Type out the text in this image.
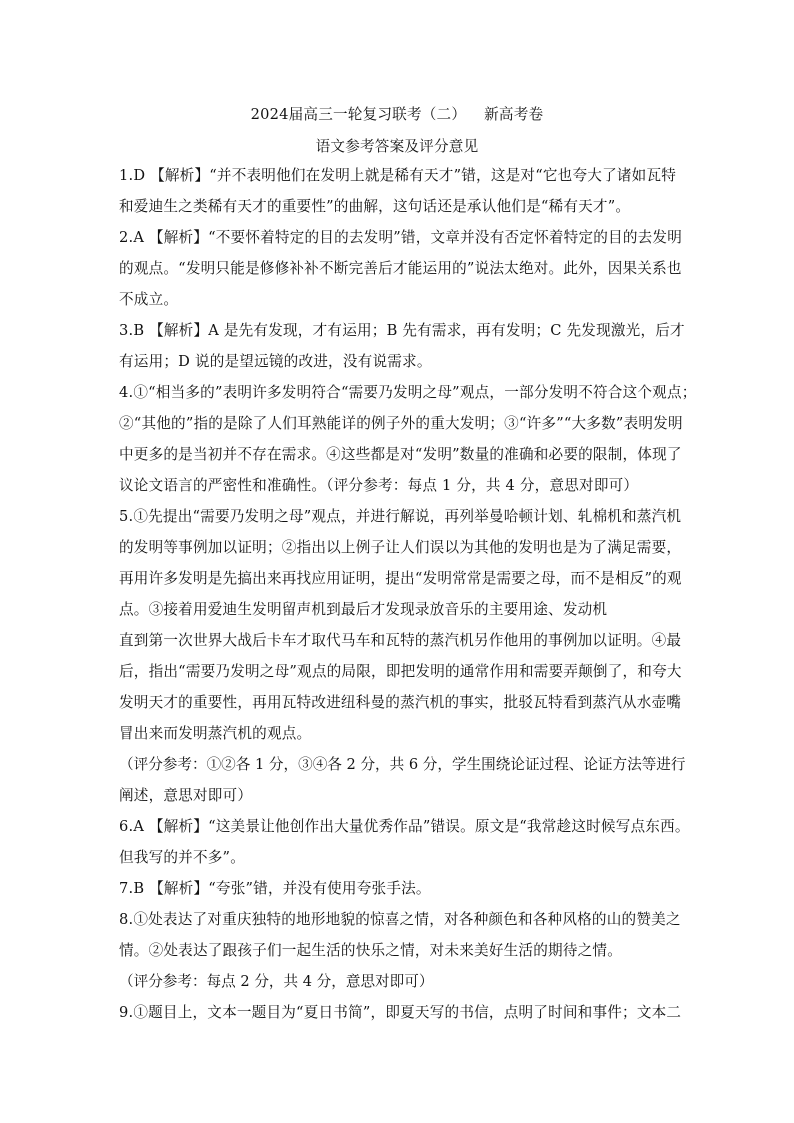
2024届高三一轮复习联考（二） 新高考卷
语文参考答案及评分意见
1.D 【解析】“并不表明他们在发明上就是稀有天才”错，这是对“它也夸大了诸如瓦特
和爱迪生之类稀有天才的重要性”的曲解，这句话还是承认他们是“稀有天才”。
2.A 【解析】“不要怀着特定的目的去发明”错，文章并没有否定怀着特定的目的去发明
的观点。“发明只能是修修补补不断完善后才能运用的”说法太绝对。此外，因果关系也
不成立。
3.B 【解析】A 是先有发现，才有运用；B 先有需求，再有发明；C 先发现激光，后才
有运用；D 说的是望远镜的改进，没有说需求。
4.①“相当多的”表明许多发明符合“需要乃发明之母”观点，一部分发明不符合这个观点；
②“其他的”指的是除了人们耳熟能详的例子外的重大发明；③“许多”“大多数”表明发明
中更多的是当初并不存在需求。④这些都是对“发明”数量的准确和必要的限制，体现了
议论文语言的严密性和准确性。（评分参考：每点 1 分，共 4 分，意思对即可）
5.①先提出“需要乃发明之母”观点，并进行解说，再列举曼哈顿计划、轧棉机和蒸汽机
的发明等事例加以证明；②指出以上例子让人们误以为其他的发明也是为了满足需要，
再用许多发明是先搞出来再找应用证明，提出“发明常常是需要之母，而不是相反”的观
点。③接着用爱迪生发明留声机到最后才发现录放音乐的主要用途、发动机
直到第一次世界大战后卡车才取代马车和瓦特的蒸汽机另作他用的事例加以证明。④最
后，指出“需要乃发明之母”观点的局限，即把发明的通常作用和需要弄颠倒了，和夸大
发明天才的重要性，再用瓦特改进纽科曼的蒸汽机的事实，批驳瓦特看到蒸汽从水壶嘴
冒出来而发明蒸汽机的观点。
（评分参考：①②各 1 分，③④各 2 分，共 6 分，学生围绕论证过程、论证方法等进行
阐述，意思对即可）
6.A 【解析】“这美景让他创作出大量优秀作品”错误。原文是“我常趁这时候写点东西。
但我写的并不多”。
7.B 【解析】“夸张”错，并没有使用夸张手法。
8.①处表达了对重庆独特的地形地貌的惊喜之情，对各种颜色和各种风格的山的赞美之
情。②处表达了跟孩子们一起生活的快乐之情，对未来美好生活的期待之情。
（评分参考：每点 2 分，共 4 分，意思对即可）
9.①题目上，文本一题目为“夏日书简”，即夏天写的书信，点明了时间和事件；文本二
